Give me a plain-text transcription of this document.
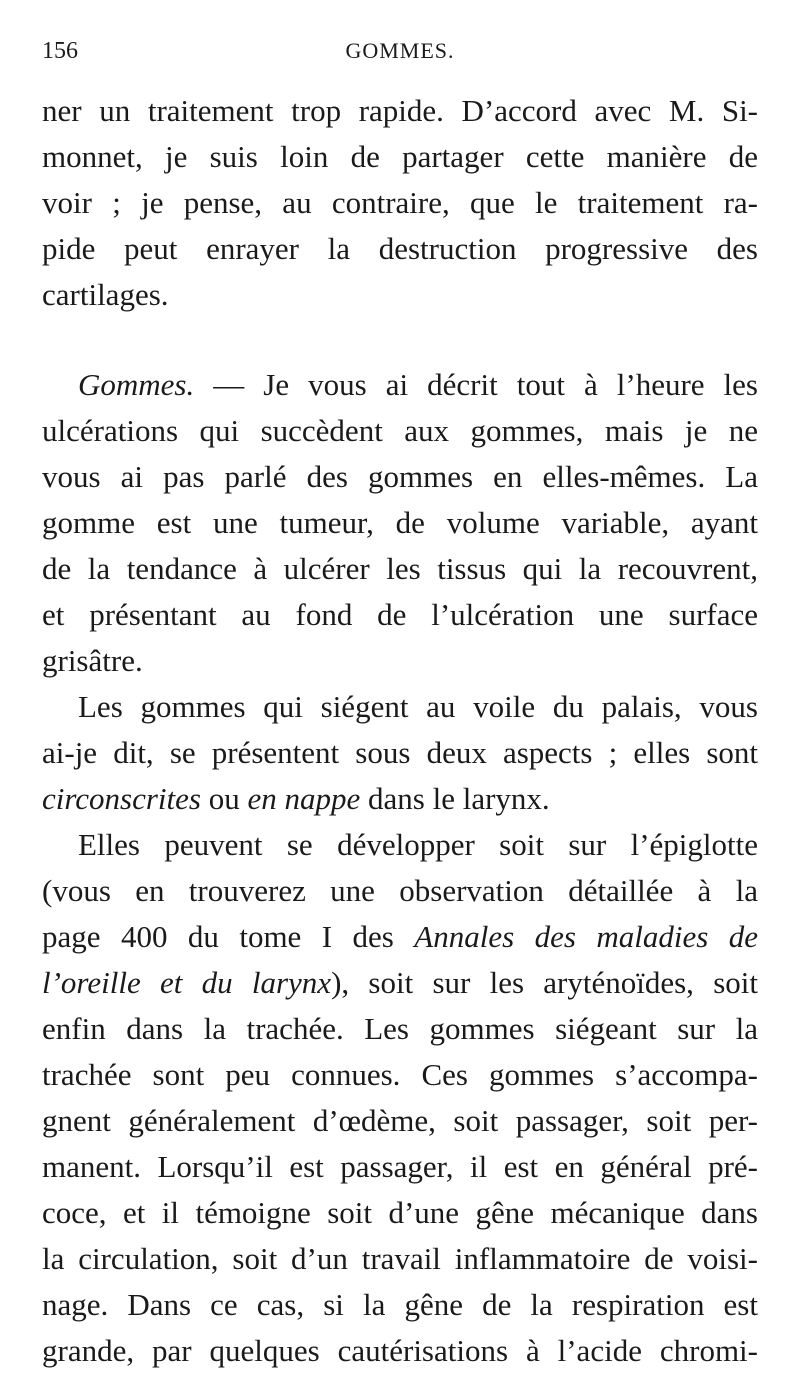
156	GOMMES.
ner un traitement trop rapide. D’accord avec M. Si-
monnet, je suis loin de partager cette manière de
voir ; je pense, au contraire, que le traitement ra-
pide peut enrayer la destruction progressive des
cartilages.
Gommes. — Je vous ai décrit tout à l’heure les
ulcérations qui succèdent aux gommes, mais je ne
vous ai pas parlé des gommes en elles-mêmes. La
gomme est une tumeur, de volume variable, ayant
de la tendance à ulcérer les tissus qui la recouvrent,
et présentant au fond de l’ulcération une surface
grisâtre.
Les gommes qui siégent au voile du palais, vous
ai-je dit, se présentent sous deux aspects ; elles sont
circonscrites ou en nappe dans le larynx.
Elles peuvent se développer soit sur l’épiglotte
(vous en trouverez une observation détaillée à la
page 400 du tome I des Annales des maladies de
l’oreille et du larynx), soit sur les aryténoïdes, soit
enfin dans la trachée. Les gommes siégeant sur la
trachée sont peu connues. Ces gommes s’accompa-
gnent généralement d’œdème, soit passager, soit per-
manent. Lorsqu’il est passager, il est en général pré-
coce, et il témoigne soit d’une gêne mécanique dans
la circulation, soit d’un travail inflammatoire de voisi-
nage. Dans ce cas, si la gêne de la respiration est
grande, par quelques cautérisations à l’acide chromi-
